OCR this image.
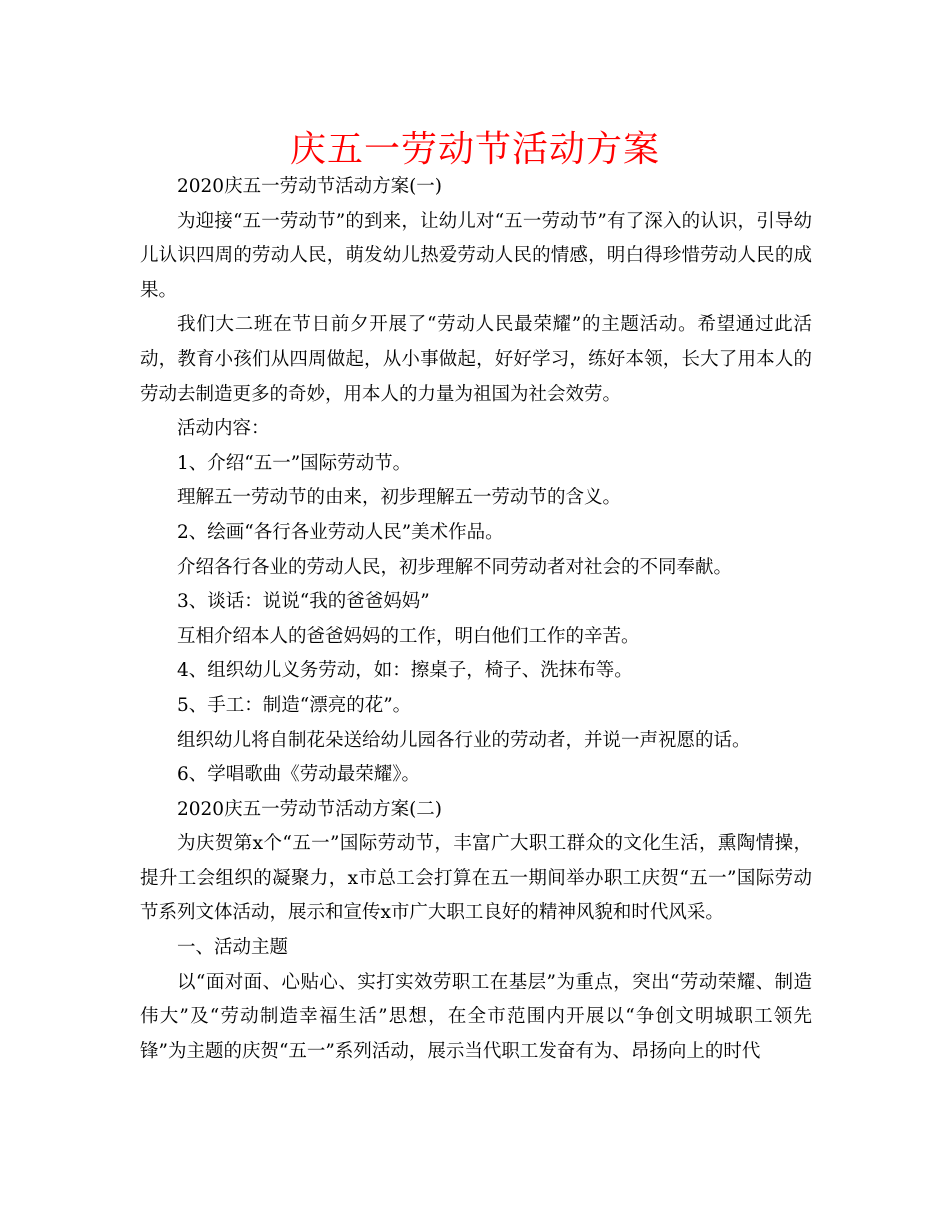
庆五一劳动节活动方案

2020庆五一劳动节活动方案(一)

为迎接“五一劳动节”的到来，让幼儿对“五一劳动节”有了深入的认识，引导幼儿认识四周的劳动人民，萌发幼儿热爱劳动人民的情感，明白得珍惜劳动人民的成果。

我们大二班在节日前夕开展了“劳动人民最荣耀”的主题活动。希望通过此活动，教育小孩们从四周做起，从小事做起，好好学习，练好本领，长大了用本人的劳动去制造更多的奇妙，用本人的力量为祖国为社会效劳。

活动内容：

1、介绍“五一”国际劳动节。

理解五一劳动节的由来，初步理解五一劳动节的含义。

2、绘画“各行各业劳动人民”美术作品。

介绍各行各业的劳动人民，初步理解不同劳动者对社会的不同奉献。

3、谈话：说说“我的爸爸妈妈”

互相介绍本人的爸爸妈妈的工作，明白他们工作的辛苦。

4、组织幼儿义务劳动，如：擦桌子，椅子、洗抹布等。

5、手工：制造“漂亮的花”。

组织幼儿将自制花朵送给幼儿园各行业的劳动者，并说一声祝愿的话。

6、学唱歌曲《劳动最荣耀》。

2020庆五一劳动节活动方案(二)

为庆贺第x个“五一”国际劳动节，丰富广大职工群众的文化生活，熏陶情操，提升工会组织的凝聚力，x市总工会打算在五一期间举办职工庆贺“五一”国际劳动节系列文体活动，展示和宣传x市广大职工良好的精神风貌和时代风采。

一、活动主题

以“面对面、心贴心、实打实效劳职工在基层”为重点，突出“劳动荣耀、制造伟大”及“劳动制造幸福生活”思想，在全市范围内开展以“争创文明城职工领先锋”为主题的庆贺“五一”系列活动，展示当代职工发奋有为、昂扬向上的时代
